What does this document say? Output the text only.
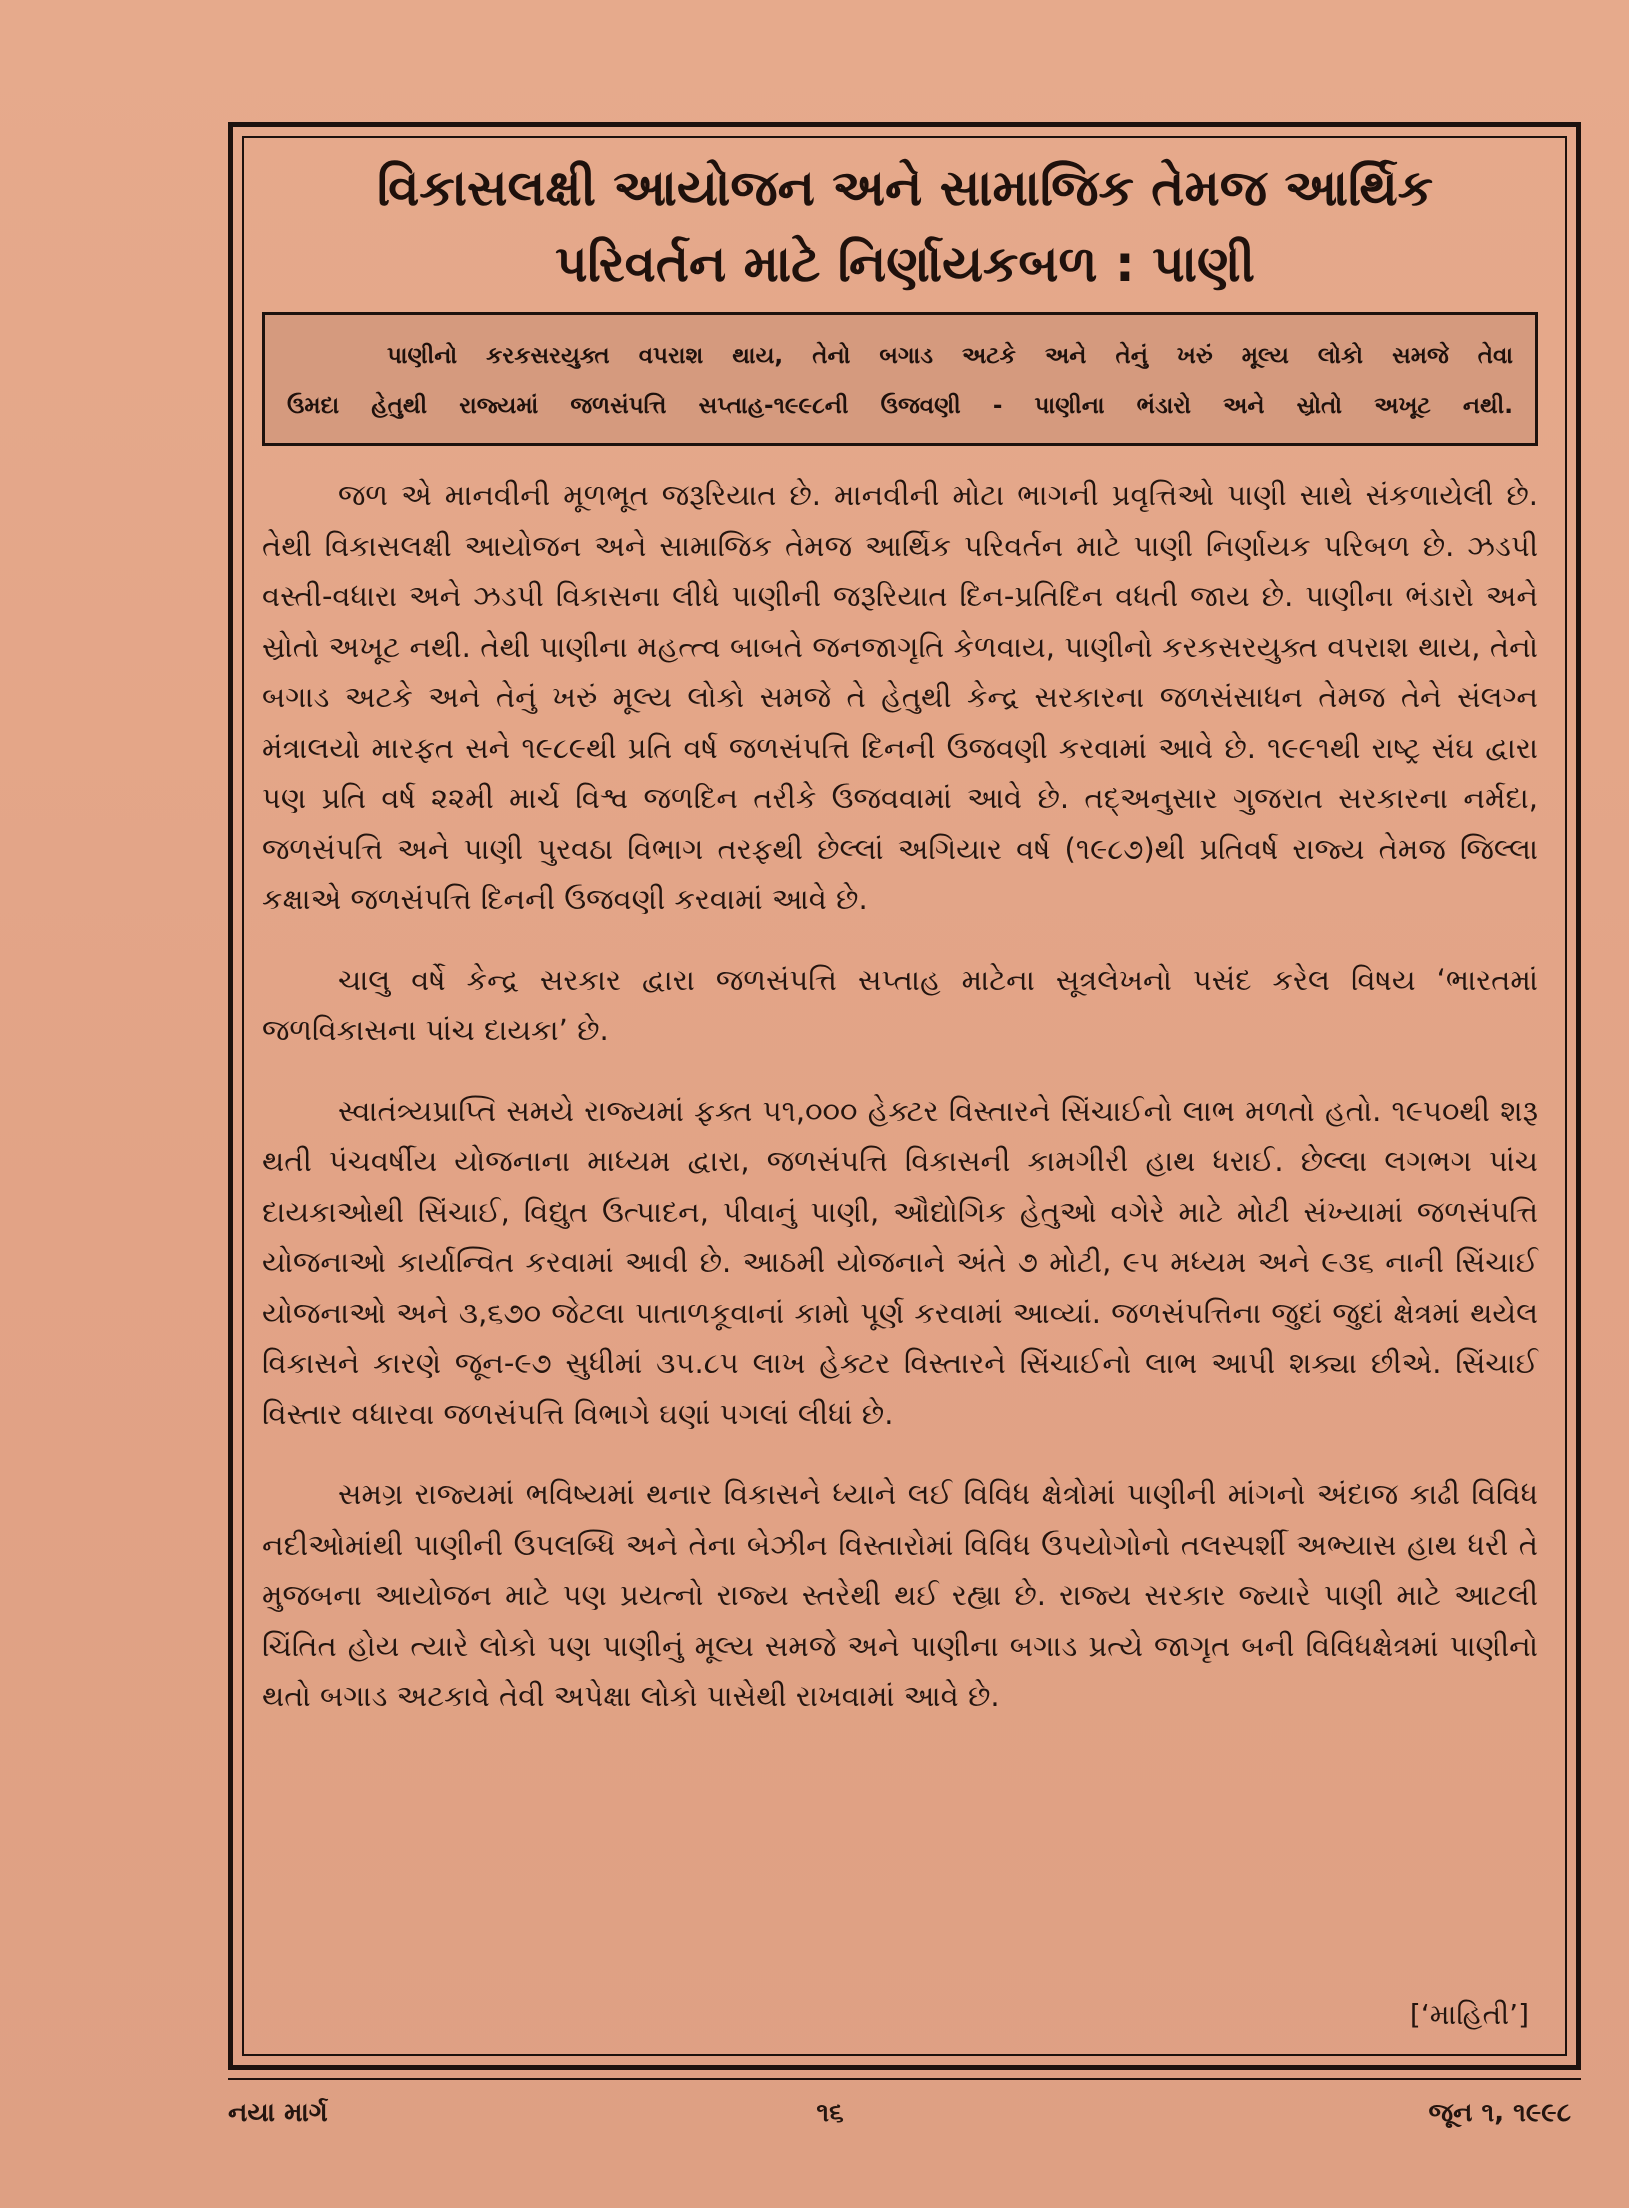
વિકાસલક્ષી આયોજન અને સામાજિક તેમજ આર્થિક
પરિવર્તન માટે નિર્ણાયકબળ : પાણી

પાણીનો કરકસરયુક્ત વપરાશ થાય, તેનો બગાડ અટકે અને તેનું ખરું મૂલ્ય લોકો સમજે તેવા
ઉમદા હેતુથી રાજ્યમાં જળસંપત્તિ સપ્તાહ-૧૯૯૮ની ઉજવણી - પાણીના ભંડારો અને સ્રોતો અખૂટ નથી.

જળ એ માનવીની મૂળભૂત જરૂરિયાત છે. માનવીની મોટા ભાગની પ્રવૃત્તિઓ પાણી સાથે સંકળાયેલી છે. તેથી વિકાસલક્ષી આયોજન અને સામાજિક તેમજ આર્થિક પરિવર્તન માટે પાણી નિર્ણાયક પરિબળ છે. ઝડપી વસ્તી-વધારા અને ઝડપી વિકાસના લીધે પાણીની જરૂરિયાત દિન-પ્રતિદિન વધતી જાય છે. પાણીના ભંડારો અને સ્રોતો અખૂટ નથી. તેથી પાણીના મહત્ત્વ બાબતે જનજાગૃતિ કેળવાય, પાણીનો કરકસરયુક્ત વપરાશ થાય, તેનો બગાડ અટકે અને તેનું ખરું મૂલ્ય લોકો સમજે તે હેતુથી કેન્દ્ર સરકારના જળસંસાધન તેમજ તેને સંલગ્ન મંત્રાલયો મારફત સને ૧૯૮૯થી પ્રતિ વર્ષ જળસંપત્તિ દિનની ઉજવણી કરવામાં આવે છે. ૧૯૯૧થી રાષ્ટ્ર સંઘ દ્વારા પણ પ્રતિ વર્ષ ૨૨મી માર્ચ વિશ્વ જળદિન તરીકે ઉજવવામાં આવે છે. તદ્અનુસાર ગુજરાત સરકારના નર્મદા, જળસંપત્તિ અને પાણી પુરવઠા વિભાગ તરફથી છેલ્લાં અગિયાર વર્ષ (૧૯૮૭)થી પ્રતિવર્ષ રાજ્ય તેમજ જિલ્લા કક્ષાએ જળસંપત્તિ દિનની ઉજવણી કરવામાં આવે છે.

ચાલુ વર્ષે કેન્દ્ર સરકાર દ્વારા જળસંપત્તિ સપ્તાહ માટેના સૂત્રલેખનો પસંદ કરેલ વિષય ‘ભારતમાં જળવિકાસના પાંચ દાયકા’ છે.

સ્વાતંત્ર્યપ્રાપ્તિ સમયે રાજ્યમાં ફક્ત ૫૧,૦૦૦ હેક્ટર વિસ્તારને સિંચાઈનો લાભ મળતો હતો. ૧૯૫૦થી શરૂ થતી પંચવર્ષીય યોજનાના માધ્યમ દ્વારા, જળસંપત્તિ વિકાસની કામગીરી હાથ ધરાઈ. છેલ્લા લગભગ પાંચ દાયકાઓથી સિંચાઈ, વિદ્યુત ઉત્પાદન, પીવાનું પાણી, ઔદ્યોગિક હેતુઓ વગેરે માટે મોટી સંખ્યામાં જળસંપત્તિ યોજનાઓ કાર્યાન્વિત કરવામાં આવી છે. આઠમી યોજનાને અંતે ૭ મોટી, ૯૫ મધ્યમ અને ૯૩૬ નાની સિંચાઈ યોજનાઓ અને ૩,૬૭૦ જેટલા પાતાળકૂવાનાં કામો પૂર્ણ કરવામાં આવ્યાં. જળસંપત્તિના જુદાં જુદાં ક્ષેત્રમાં થયેલ વિકાસને કારણે જૂન-૯૭ સુધીમાં ૩૫.૮૫ લાખ હેક્ટર વિસ્તારને સિંચાઈનો લાભ આપી શક્યા છીએ. સિંચાઈ વિસ્તાર વધારવા જળસંપત્તિ વિભાગે ઘણાં પગલાં લીધાં છે.

સમગ્ર રાજ્યમાં ભવિષ્યમાં થનાર વિકાસને ધ્યાને લઈ વિવિધ ક્ષેત્રોમાં પાણીની માંગનો અંદાજ કાઢી વિવિધ નદીઓમાંથી પાણીની ઉપલબ્ધિ અને તેના બેઝીન વિસ્તારોમાં વિવિધ ઉપયોગોનો તલસ્પર્શી અભ્યાસ હાથ ધરી તે મુજબના આયોજન માટે પણ પ્રયત્નો રાજ્ય સ્તરેથી થઈ રહ્યા છે. રાજ્ય સરકાર જ્યારે પાણી માટે આટલી ચિંતિત હોય ત્યારે લોકો પણ પાણીનું મૂલ્ય સમજે અને પાણીના બગાડ પ્રત્યે જાગૃત બની વિવિધક્ષેત્રમાં પાણીનો થતો બગાડ અટકાવે તેવી અપેક્ષા લોકો પાસેથી રાખવામાં આવે છે.

[‘માહિતી’]
નયા માર્ગ	૧૬	જૂન ૧, ૧૯૯૮
